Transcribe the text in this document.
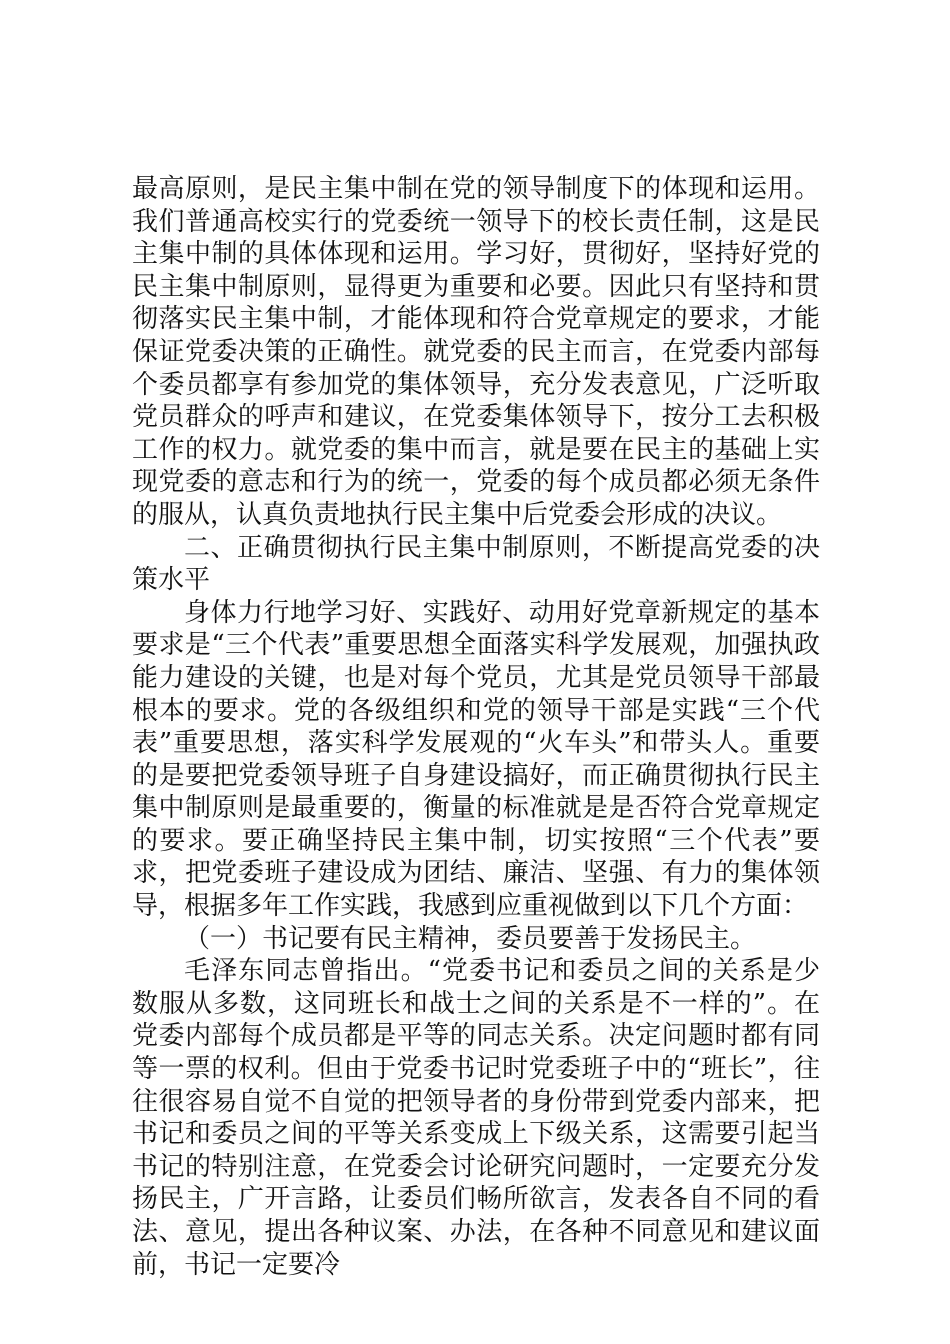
最高原则，是民主集中制在党的领导制度下的体现和运用。我们普通高校实行的党委统一领导下的校长责任制，这是民主集中制的具体体现和运用。学习好，贯彻好，坚持好党的民主集中制原则，显得更为重要和必要。因此只有坚持和贯彻落实民主集中制，才能体现和符合党章规定的要求，才能保证党委决策的正确性。就党委的民主而言，在党委内部每个委员都享有参加党的集体领导，充分发表意见，广泛听取党员群众的呼声和建议，在党委集体领导下，按分工去积极工作的权力。就党委的集中而言，就是要在民主的基础上实现党委的意志和行为的统一，党委的每个成员都必须无条件的服从，认真负责地执行民主集中后党委会形成的决议。

二、正确贯彻执行民主集中制原则，不断提高党委的决策水平

身体力行地学习好、实践好、动用好党章新规定的基本要求是“三个代表”重要思想全面落实科学发展观，加强执政能力建设的关键，也是对每个党员，尤其是党员领导干部最根本的要求。党的各级组织和党的领导干部是实践“三个代表”重要思想，落实科学发展观的“火车头”和带头人。重要的是要把党委领导班子自身建设搞好，而正确贯彻执行民主集中制原则是最重要的，衡量的标准就是是否符合党章规定的要求。要正确坚持民主集中制，切实按照“三个代表”要求，把党委班子建设成为团结、廉洁、坚强、有力的集体领导，根据多年工作实践，我感到应重视做到以下几个方面：

（一）书记要有民主精神，委员要善于发扬民主。

毛泽东同志曾指出。“党委书记和委员之间的关系是少数服从多数，这同班长和战士之间的关系是不一样的”。在党委内部每个成员都是平等的同志关系。决定问题时都有同等一票的权利。但由于党委书记时党委班子中的“班长”，往往很容易自觉不自觉的把领导者的身份带到党委内部来，把书记和委员之间的平等关系变成上下级关系，这需要引起当书记的特别注意，在党委会讨论研究问题时，一定要充分发扬民主，广开言路，让委员们畅所欲言，发表各自不同的看法、意见，提出各种议案、办法，在各种不同意见和建议面前，书记一定要冷
